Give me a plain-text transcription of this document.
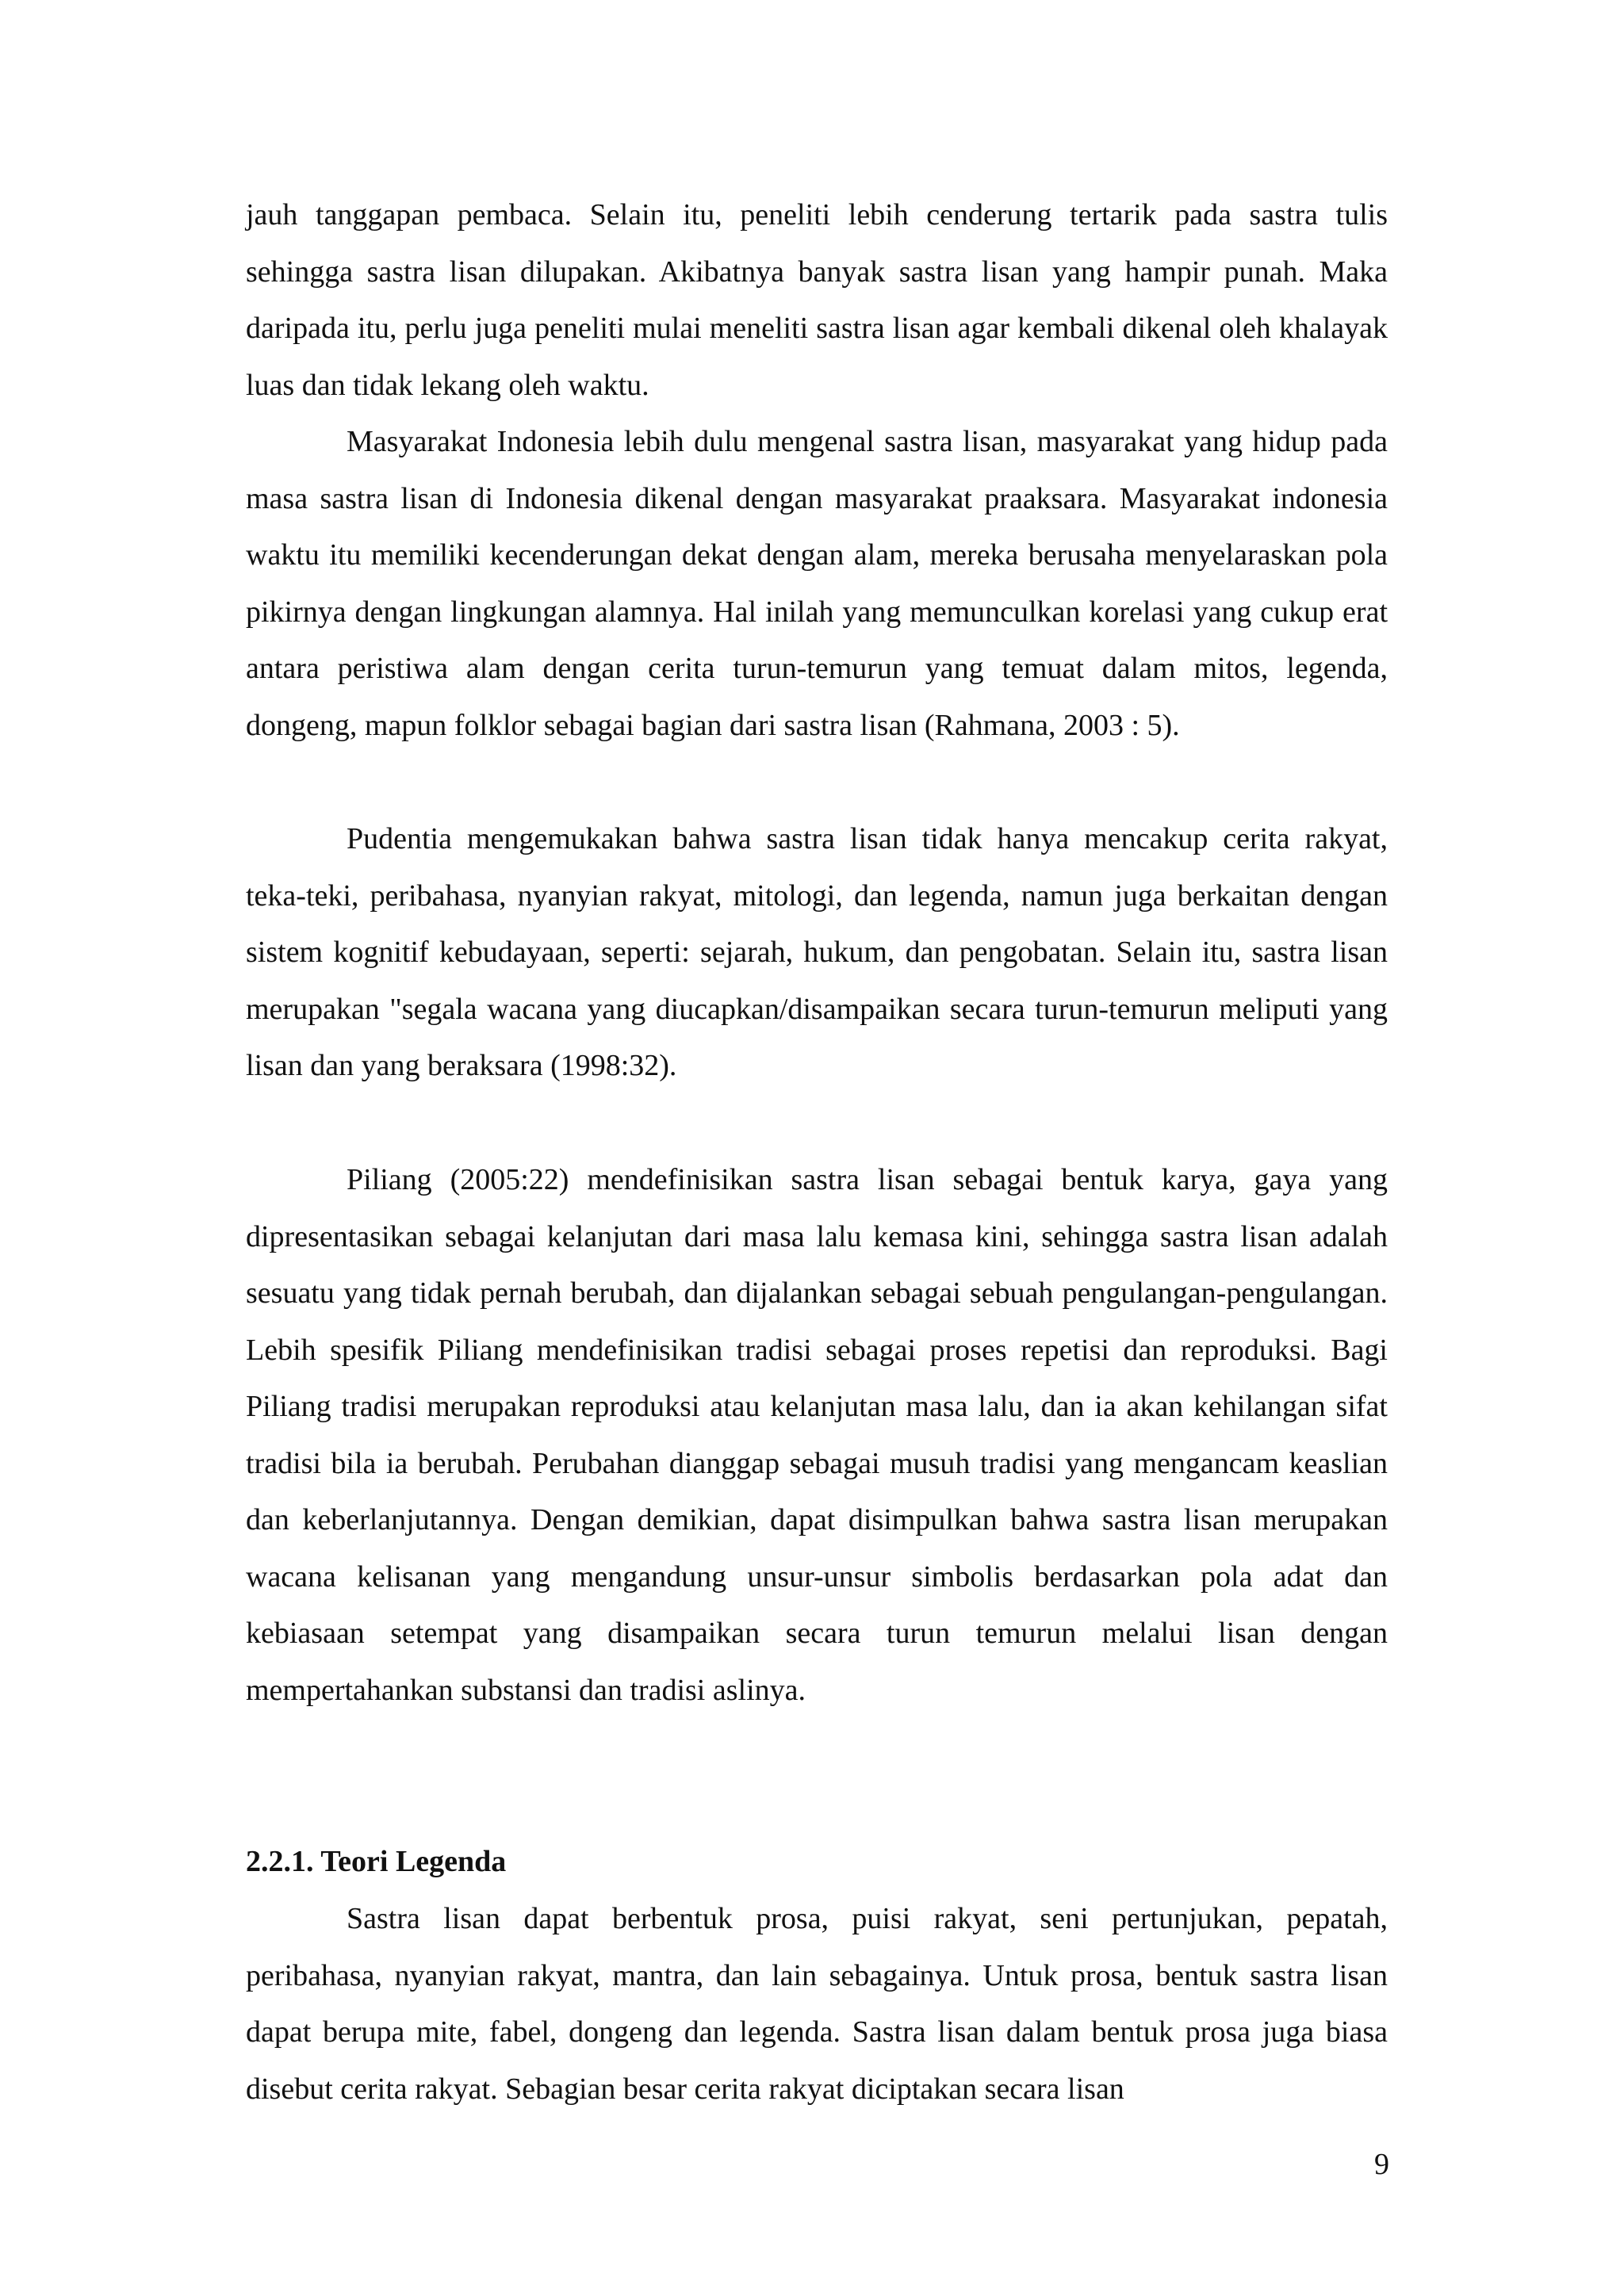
jauh tanggapan pembaca. Selain itu, peneliti lebih cenderung tertarik pada sastra tulis sehingga sastra lisan dilupakan. Akibatnya banyak sastra lisan yang hampir punah. Maka daripada itu, perlu juga peneliti mulai meneliti sastra lisan agar kembali dikenal oleh khalayak luas dan tidak lekang oleh waktu.

Masyarakat Indonesia lebih dulu mengenal sastra lisan, masyarakat yang hidup pada masa sastra lisan di Indonesia dikenal dengan masyarakat praaksara. Masyarakat indonesia waktu itu memiliki kecenderungan dekat dengan alam, mereka berusaha menyelaraskan pola pikirnya dengan lingkungan alamnya. Hal inilah yang memunculkan korelasi yang cukup erat antara peristiwa alam dengan cerita turun-temurun yang temuat dalam mitos, legenda, dongeng, mapun folklor sebagai bagian dari sastra lisan (Rahmana, 2003 : 5).

Pudentia mengemukakan bahwa sastra lisan tidak hanya mencakup cerita rakyat, teka-teki, peribahasa, nyanyian rakyat, mitologi, dan legenda, namun juga berkaitan dengan sistem kognitif kebudayaan, seperti: sejarah, hukum, dan pengobatan. Selain itu, sastra lisan merupakan "segala wacana yang diucapkan/disampaikan secara turun-temurun meliputi yang lisan dan yang beraksara (1998:32).

Piliang (2005:22) mendefinisikan sastra lisan sebagai bentuk karya, gaya yang dipresentasikan sebagai kelanjutan dari masa lalu kemasa kini, sehingga sastra lisan adalah sesuatu yang tidak pernah berubah, dan dijalankan sebagai sebuah pengulangan-pengulangan. Lebih spesifik Piliang mendefinisikan tradisi sebagai proses repetisi dan reproduksi. Bagi Piliang tradisi merupakan reproduksi atau kelanjutan masa lalu, dan ia akan kehilangan sifat tradisi bila ia berubah. Perubahan dianggap sebagai musuh tradisi yang mengancam keaslian dan keberlanjutannya. Dengan demikian, dapat disimpulkan bahwa sastra lisan merupakan wacana kelisanan yang mengandung unsur-unsur simbolis berdasarkan pola adat dan kebiasaan setempat yang disampaikan secara turun temurun melalui lisan dengan mempertahankan substansi dan tradisi aslinya.

2.2.1. Teori Legenda

Sastra lisan dapat berbentuk prosa, puisi rakyat, seni pertunjukan, pepatah, peribahasa, nyanyian rakyat, mantra, dan lain sebagainya. Untuk prosa, bentuk sastra lisan dapat berupa mite, fabel, dongeng dan legenda. Sastra lisan dalam bentuk prosa juga biasa disebut cerita rakyat. Sebagian besar cerita rakyat diciptakan secara lisan

9
